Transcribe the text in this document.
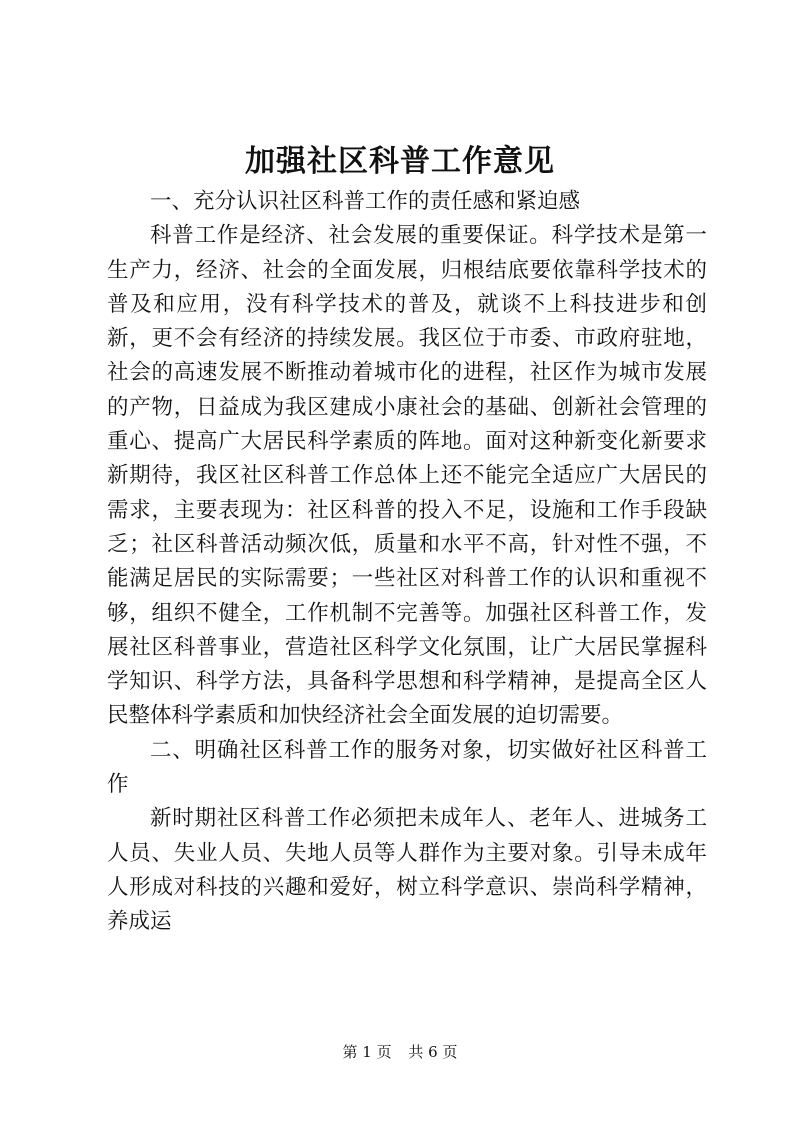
加强社区科普工作意见

一、充分认识社区科普工作的责任感和紧迫感

科普工作是经济、社会发展的重要保证。科学技术是第一生产力，经济、社会的全面发展，归根结底要依靠科学技术的普及和应用，没有科学技术的普及，就谈不上科技进步和创新，更不会有经济的持续发展。我区位于市委、市政府驻地，社会的高速发展不断推动着城市化的进程，社区作为城市发展的产物，日益成为我区建成小康社会的基础、创新社会管理的重心、提高广大居民科学素质的阵地。面对这种新变化新要求新期待，我区社区科普工作总体上还不能完全适应广大居民的需求，主要表现为：社区科普的投入不足，设施和工作手段缺乏；社区科普活动频次低，质量和水平不高，针对性不强，不能满足居民的实际需要；一些社区对科普工作的认识和重视不够，组织不健全，工作机制不完善等。加强社区科普工作，发展社区科普事业，营造社区科学文化氛围，让广大居民掌握科学知识、科学方法，具备科学思想和科学精神，是提高全区人民整体科学素质和加快经济社会全面发展的迫切需要。

二、明确社区科普工作的服务对象，切实做好社区科普工作

新时期社区科普工作必须把未成年人、老年人、进城务工人员、失业人员、失地人员等人群作为主要对象。引导未成年人形成对科技的兴趣和爱好，树立科学意识、崇尚科学精神，养成运

第 1 页 共 6 页
